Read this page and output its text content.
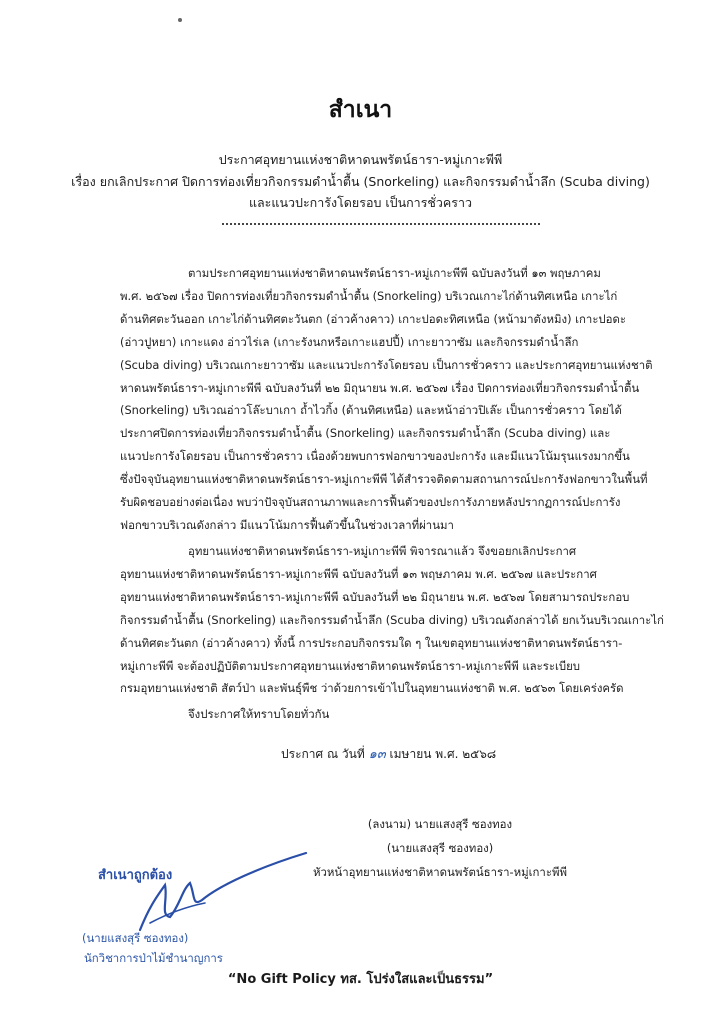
สำเนา
ประกาศอุทยานแห่งชาติหาดนพรัตน์ธารา-หมู่เกาะพีพี
เรื่อง ยกเลิกประกาศ ปิดการท่องเที่ยวกิจกรรมดำน้ำตื้น (Snorkeling) และกิจกรรมดำน้ำลึก (Scuba diving)
และแนวปะการังโดยรอบ เป็นการชั่วคราว
ตามประกาศอุทยานแห่งชาติหาดนพรัตน์ธารา-หมู่เกาะพีพี ฉบับลงวันที่ ๑๓ พฤษภาคม
พ.ศ. ๒๕๖๗ เรื่อง ปิดการท่องเที่ยวกิจกรรมดำน้ำตื้น (Snorkeling) บริเวณเกาะไก่ด้านทิศเหนือ เกาะไก่
ด้านทิศตะวันออก เกาะไก่ด้านทิศตะวันตก (อ่าวค้างคาว) เกาะปอดะทิศเหนือ (หน้ามาตังหมิง) เกาะปอดะ
(อ่าวปูหยา) เกาะแดง อ่าวไร่เล (เกาะรังนกหรือเกาะแฮปปี้) เกาะยาวาซัม และกิจกรรมดำน้ำลึก
(Scuba diving) บริเวณเกาะยาวาซัม และแนวปะการังโดยรอบ เป็นการชั่วคราว และประกาศอุทยานแห่งชาติ
หาดนพรัตน์ธารา-หมู่เกาะพีพี ฉบับลงวันที่ ๒๒ มิถุนายน พ.ศ. ๒๕๖๗ เรื่อง ปิดการท่องเที่ยวกิจกรรมดำน้ำตื้น
(Snorkeling) บริเวณอ่าวโล๊ะบาเกา ถ้ำไวกิ้ง (ด้านทิศเหนือ) และหน้าอ่าวปิเล๊ะ เป็นการชั่วคราว โดยได้
ประกาศปิดการท่องเที่ยวกิจกรรมดำน้ำตื้น (Snorkeling) และกิจกรรมดำน้ำลึก (Scuba diving) และ
แนวปะการังโดยรอบ เป็นการชั่วคราว เนื่องด้วยพบการฟอกขาวของปะการัง และมีแนวโน้มรุนแรงมากขึ้น
ซึ่งปัจจุบันอุทยานแห่งชาติหาดนพรัตน์ธารา-หมู่เกาะพีพี ได้สำรวจติดตามสถานการณ์ปะการังฟอกขาวในพื้นที่
รับผิดชอบอย่างต่อเนื่อง พบว่าปัจจุบันสถานภาพและการฟื้นตัวของปะการังภายหลังปรากฏการณ์ปะการัง
ฟอกขาวบริเวณดังกล่าว มีแนวโน้มการฟื้นตัวขึ้นในช่วงเวลาที่ผ่านมา
อุทยานแห่งชาติหาดนพรัตน์ธารา-หมู่เกาะพีพี พิจารณาแล้ว จึงขอยกเลิกประกาศ
อุทยานแห่งชาติหาดนพรัตน์ธารา-หมู่เกาะพีพี ฉบับลงวันที่ ๑๓ พฤษภาคม พ.ศ. ๒๕๖๗ และประกาศ
อุทยานแห่งชาติหาดนพรัตน์ธารา-หมู่เกาะพีพี ฉบับลงวันที่ ๒๒ มิถุนายน พ.ศ. ๒๕๖๗ โดยสามารถประกอบ
กิจกรรมดำน้ำตื้น (Snorkeling) และกิจกรรมดำน้ำลึก (Scuba diving) บริเวณดังกล่าวได้ ยกเว้นบริเวณเกาะไก่
ด้านทิศตะวันตก (อ่าวค้างคาว) ทั้งนี้ การประกอบกิจกรรมใด ๆ ในเขตอุทยานแห่งชาติหาดนพรัตน์ธารา-
หมู่เกาะพีพี จะต้องปฏิบัติตามประกาศอุทยานแห่งชาติหาดนพรัตน์ธารา-หมู่เกาะพีพี และระเบียบ
กรมอุทยานแห่งชาติ สัตว์ป่า และพันธุ์พืช ว่าด้วยการเข้าไปในอุทยานแห่งชาติ พ.ศ. ๒๕๖๓ โดยเคร่งครัด
จึงประกาศให้ทราบโดยทั่วกัน
ประกาศ ณ วันที่ ๑๓ เมษายน พ.ศ. ๒๕๖๘
(ลงนาม) นายแสงสุรี ซองทอง
(นายแสงสุรี ซองทอง)
หัวหน้าอุทยานแห่งชาติหาดนพรัตน์ธารา-หมู่เกาะพีพี
สำเนาถูกต้อง
(นายแสงสุรี ซองทอง)
นักวิชาการป่าไม้ชำนาญการ
“No Gift Policy ทส. โปร่งใสและเป็นธรรม”
